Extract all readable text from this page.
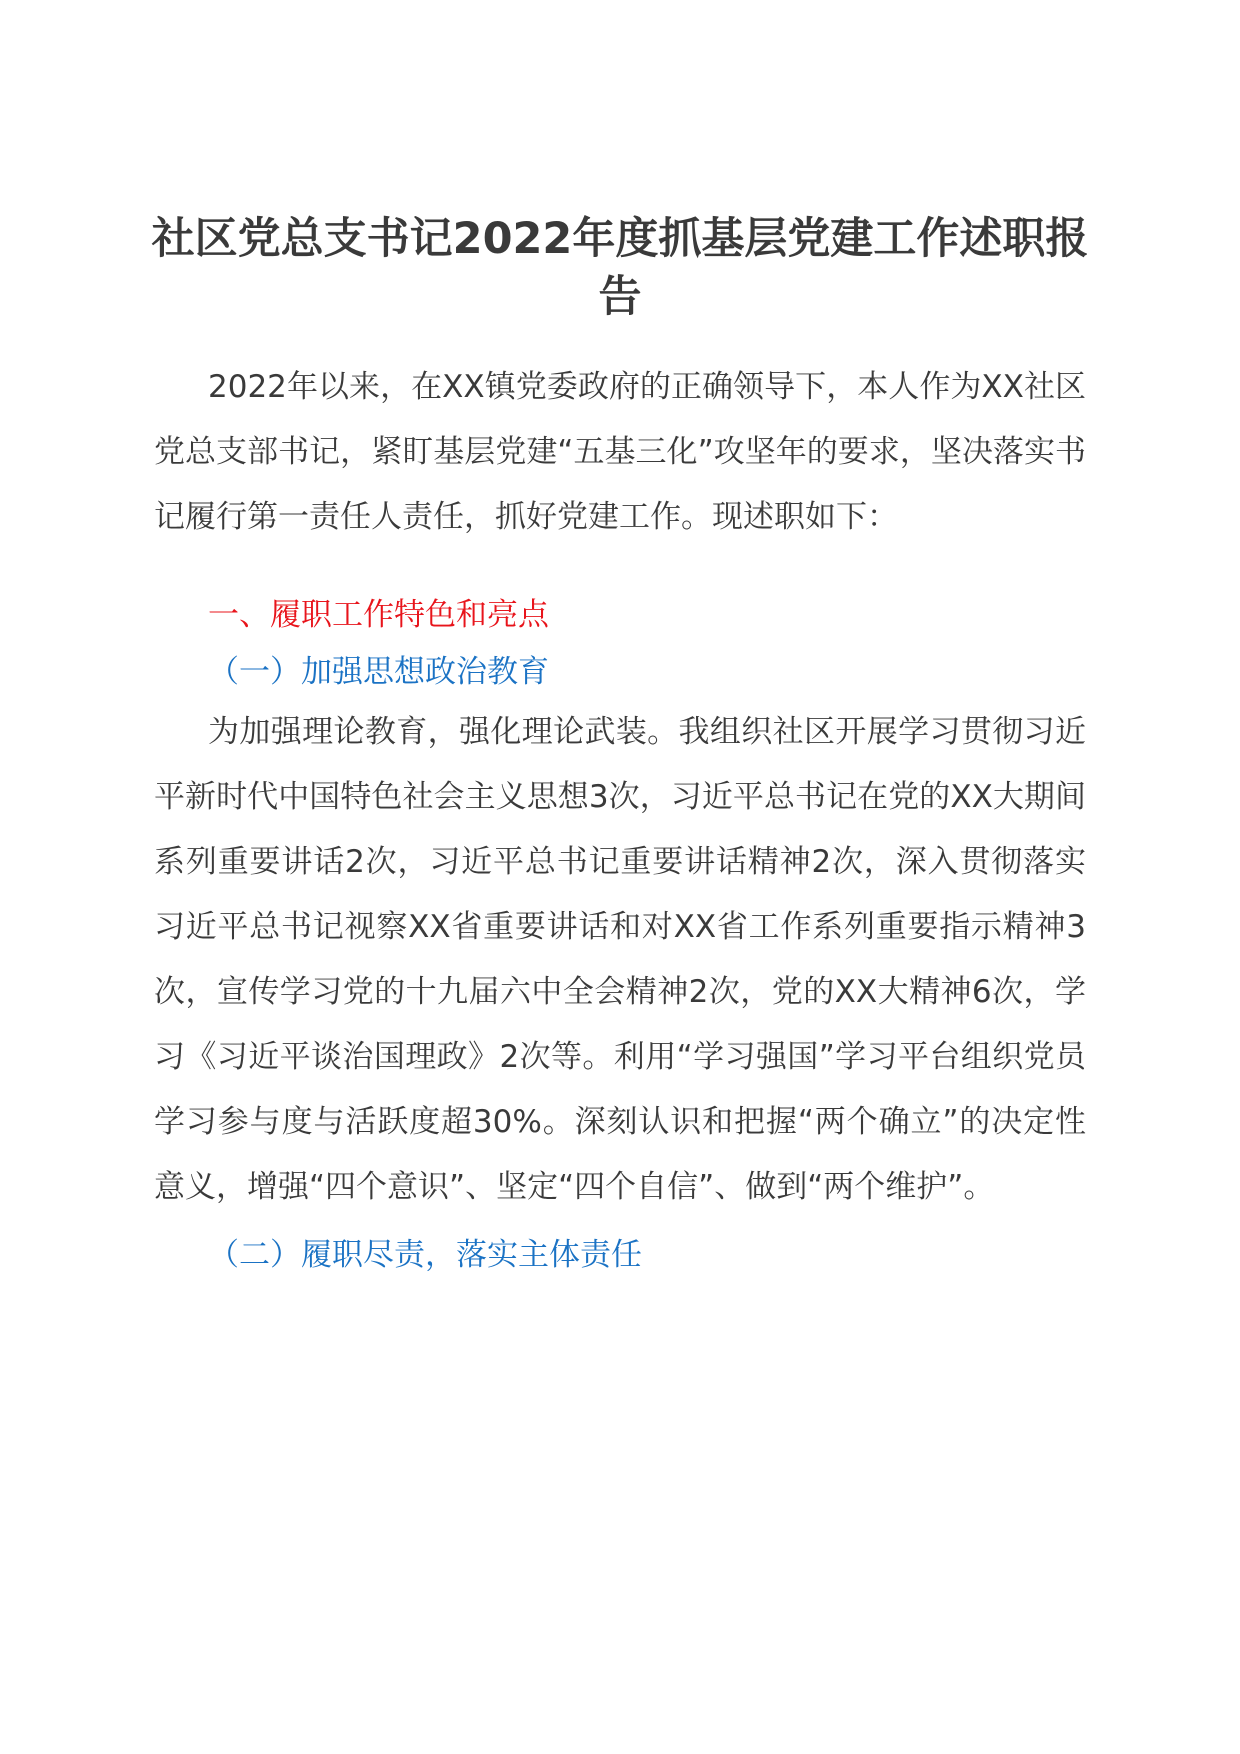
社区党总支书记2022年度抓基层党建工作述职报告

2022年以来，在XX镇党委政府的正确领导下，本人作为XX社区党总支部书记，紧盯基层党建“五基三化”攻坚年的要求，坚决落实书记履行第一责任人责任，抓好党建工作。现述职如下：

一、履职工作特色和亮点

（一）加强思想政治教育

为加强理论教育，强化理论武装。我组织社区开展学习贯彻习近平新时代中国特色社会主义思想3次，习近平总书记在党的XX大期间系列重要讲话2次，习近平总书记重要讲话精神2次，深入贯彻落实习近平总书记视察XX省重要讲话和对XX省工作系列重要指示精神3次，宣传学习党的十九届六中全会精神2次，党的XX大精神6次，学习《习近平谈治国理政》2次等。利用“学习强国”学习平台组织党员学习参与度与活跃度超30%。深刻认识和把握“两个确立”的决定性意义，增强“四个意识”、坚定“四个自信”、做到“两个维护”。

（二）履职尽责，落实主体责任
